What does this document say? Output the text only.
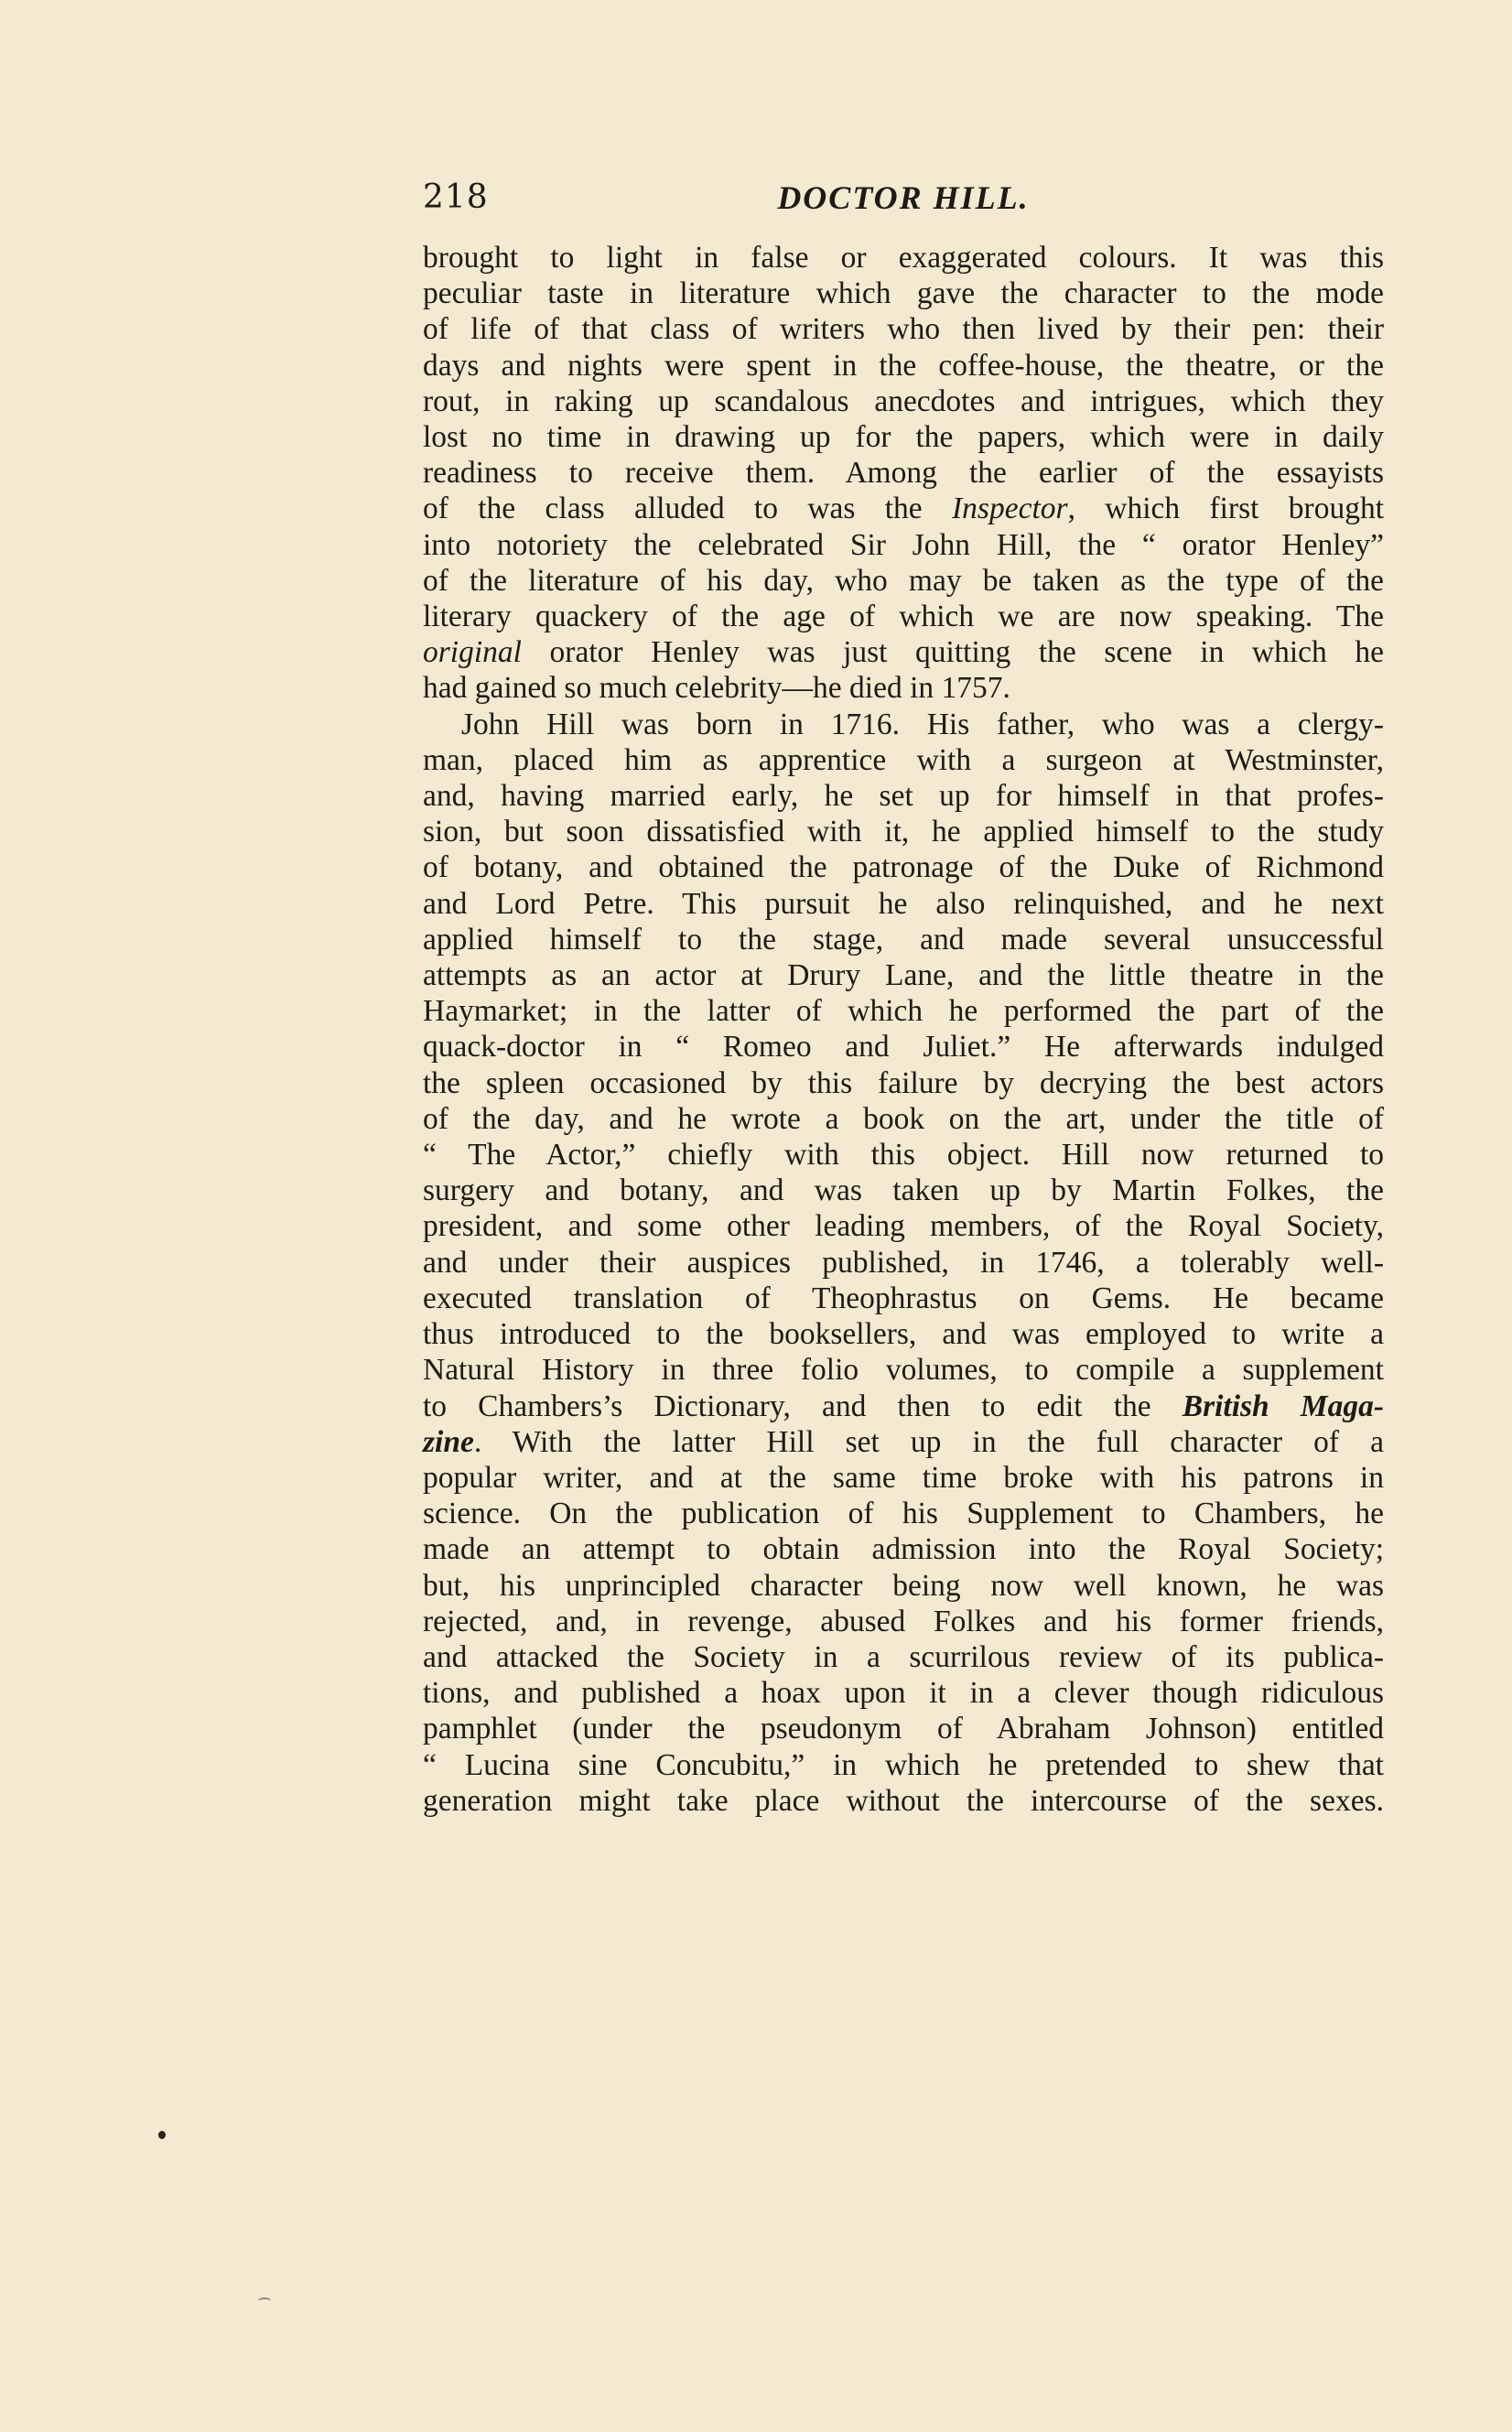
218	DOCTOR HILL.

brought to light in false or exaggerated colours. It was this
peculiar taste in literature which gave the character to the mode
of life of that class of writers who then lived by their pen: their
days and nights were spent in the coffee-house, the theatre, or the
rout, in raking up scandalous anecdotes and intrigues, which they
lost no time in drawing up for the papers, which were in daily
readiness to receive them. Among the earlier of the essayists
of the class alluded to was the Inspector, which first brought
into notoriety the celebrated Sir John Hill, the “ orator Henley”
of the literature of his day, who may be taken as the type of the
literary quackery of the age of which we are now speaking. The
original orator Henley was just quitting the scene in which he
had gained so much celebrity—he died in 1757.

John Hill was born in 1716. His father, who was a clergy-
man, placed him as apprentice with a surgeon at Westminster,
and, having married early, he set up for himself in that profes-
sion, but soon dissatisfied with it, he applied himself to the study
of botany, and obtained the patronage of the Duke of Richmond
and Lord Petre. This pursuit he also relinquished, and he next
applied himself to the stage, and made several unsuccessful
attempts as an actor at Drury Lane, and the little theatre in the
Haymarket; in the latter of which he performed the part of the
quack-doctor in “ Romeo and Juliet.” He afterwards indulged
the spleen occasioned by this failure by decrying the best actors
of the day, and he wrote a book on the art, under the title of
“ The Actor,” chiefly with this object. Hill now returned to
surgery and botany, and was taken up by Martin Folkes, the
president, and some other leading members, of the Royal Society,
and under their auspices published, in 1746, a tolerably well-
executed translation of Theophrastus on Gems. He became
thus introduced to the booksellers, and was employed to write a
Natural History in three folio volumes, to compile a supplement
to Chambers’s Dictionary, and then to edit the British Maga-
zine. With the latter Hill set up in the full character of a
popular writer, and at the same time broke with his patrons in
science. On the publication of his Supplement to Chambers, he
made an attempt to obtain admission into the Royal Society;
but, his unprincipled character being now well known, he was
rejected, and, in revenge, abused Folkes and his former friends,
and attacked the Society in a scurrilous review of its publica-
tions, and published a hoax upon it in a clever though ridiculous
pamphlet (under the pseudonym of Abraham Johnson) entitled
“ Lucina sine Concubitu,” in which he pretended to shew that
generation might take place without the intercourse of the sexes.
